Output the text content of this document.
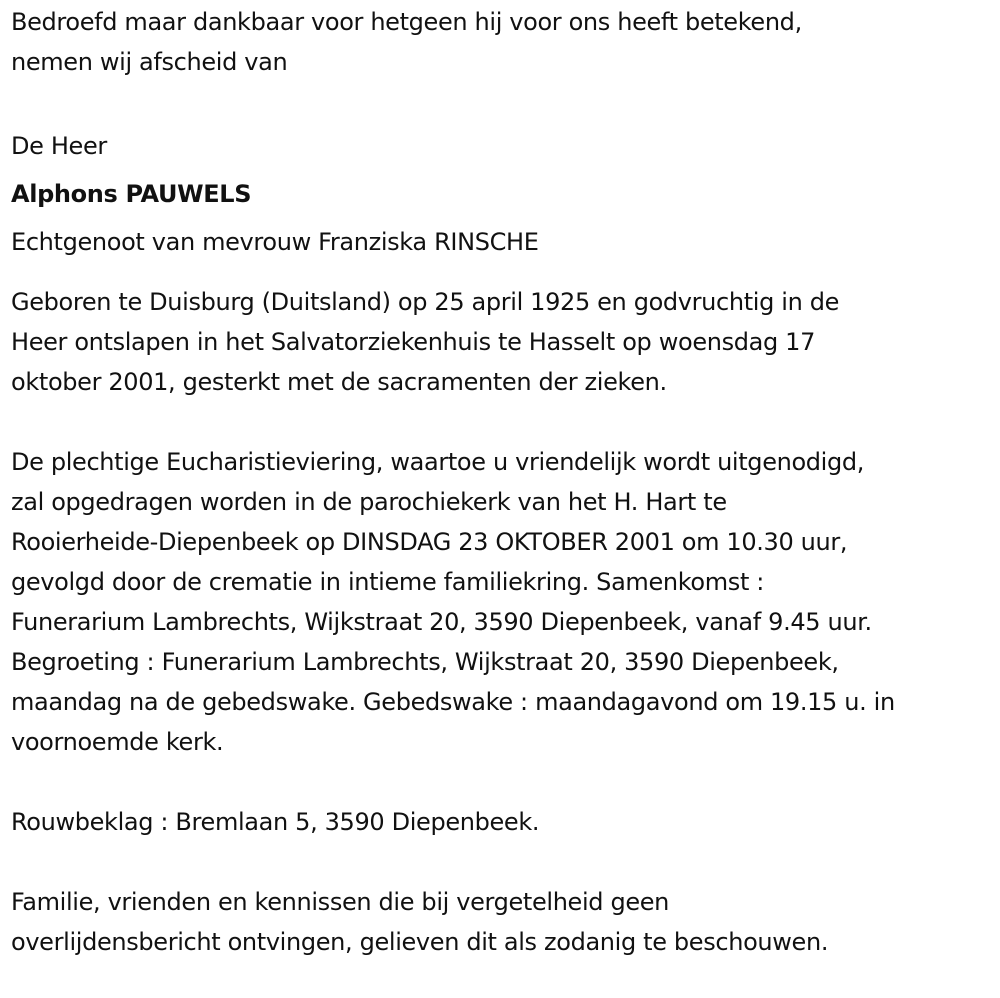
Bedroefd maar dankbaar voor hetgeen hij voor ons heeft betekend,
nemen wij afscheid van

De Heer
Alphons PAUWELS
Echtgenoot van mevrouw Franziska RINSCHE

Geboren te Duisburg (Duitsland) op 25 april 1925 en godvruchtig in de
Heer ontslapen in het Salvatorziekenhuis te Hasselt op woensdag 17
oktober 2001, gesterkt met de sacramenten der zieken.

De plechtige Eucharistieviering, waartoe u vriendelijk wordt uitgenodigd,
zal opgedragen worden in de parochiekerk van het H. Hart te
Rooierheide-Diepenbeek op DINSDAG 23 OKTOBER 2001 om 10.30 uur,
gevolgd door de crematie in intieme familiekring. Samenkomst :
Funerarium Lambrechts, Wijkstraat 20, 3590 Diepenbeek, vanaf 9.45 uur.
Begroeting : Funerarium Lambrechts, Wijkstraat 20, 3590 Diepenbeek,
maandag na de gebedswake. Gebedswake : maandagavond om 19.15 u. in
voornoemde kerk.

Rouwbeklag : Bremlaan 5, 3590 Diepenbeek.

Familie, vrienden en kennissen die bij vergetelheid geen
overlijdensbericht ontvingen, gelieven dit als zodanig te beschouwen.
